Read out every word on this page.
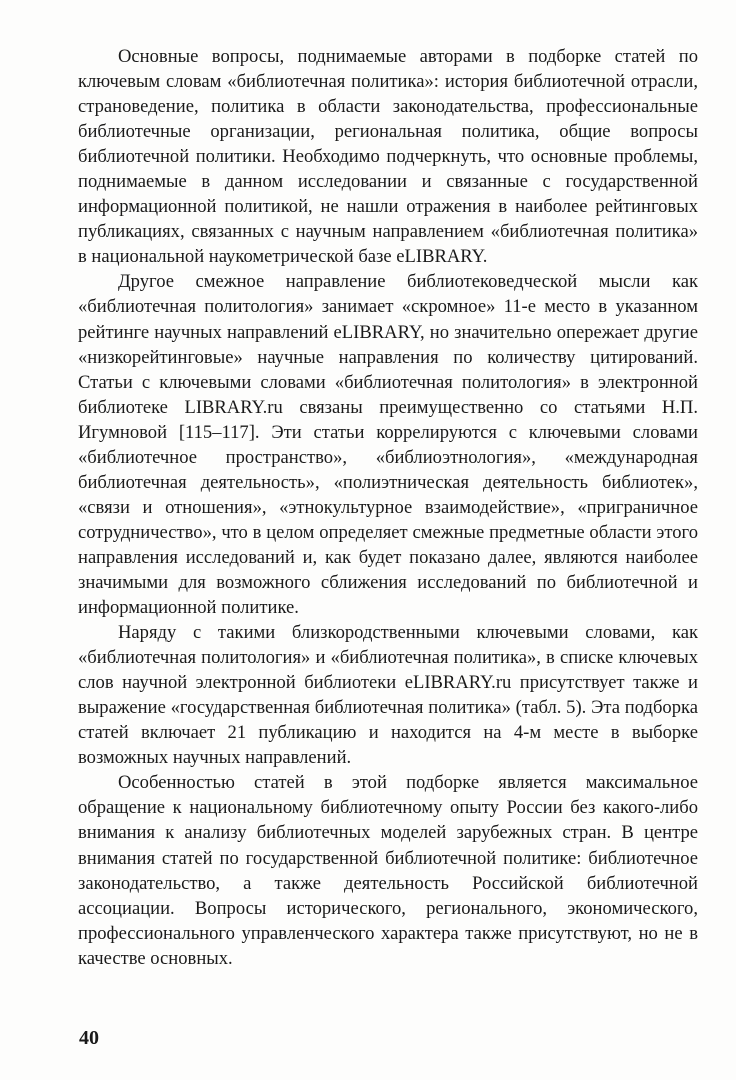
Основные вопросы, поднимаемые авторами в подборке статей по ключевым словам «библиотечная политика»: история библиотечной отрасли, страноведение, политика в области законодательства, профессиональные библиотечные организации, региональная политика, общие вопросы библиотечной политики. Необходимо подчеркнуть, что основные проблемы, поднимаемые в данном исследовании и связанные с государственной информационной политикой, не нашли отражения в наиболее рейтинговых публикациях, связанных с научным направлением «библиотечная политика» в национальной наукометрической базе eLIBRARY.

Другое смежное направление библиотековедческой мысли как «библиотечная политология» занимает «скромное» 11-е место в указанном рейтинге научных направлений eLIBRARY, но значительно опережает другие «низкорейтинговые» научные направления по количеству цитирований. Статьи с ключевыми словами «библиотечная политология» в электронной библиотеке LIBRARY.ru связаны преимущественно со статьями Н.П. Игумновой [115–117]. Эти статьи коррелируются с ключевыми словами «библиотечное пространство», «библиоэтнология», «международная библиотечная деятельность», «полиэтническая деятельность библиотек», «связи и отношения», «этнокультурное взаимодействие», «приграничное сотрудничество», что в целом определяет смежные предметные области этого направления исследований и, как будет показано далее, являются наиболее значимыми для возможного сближения исследований по библиотечной и информационной политике.

Наряду с такими близкородственными ключевыми словами, как «библиотечная политология» и «библиотечная политика», в списке ключевых слов научной электронной библиотеки eLIBRARY.ru присутствует также и выражение «государственная библиотечная политика» (табл. 5). Эта подборка статей включает 21 публикацию и находится на 4-м месте в выборке возможных научных направлений.

Особенностью статей в этой подборке является максимальное обращение к национальному библиотечному опыту России без какого-либо внимания к анализу библиотечных моделей зарубежных стран. В центре внимания статей по государственной библиотечной политике: библиотечное законодательство, а также деятельность Российской библиотечной ассоциации. Вопросы исторического, регионального, экономического, профессионального управленческого характера также присутствуют, но не в качестве основных.

40
